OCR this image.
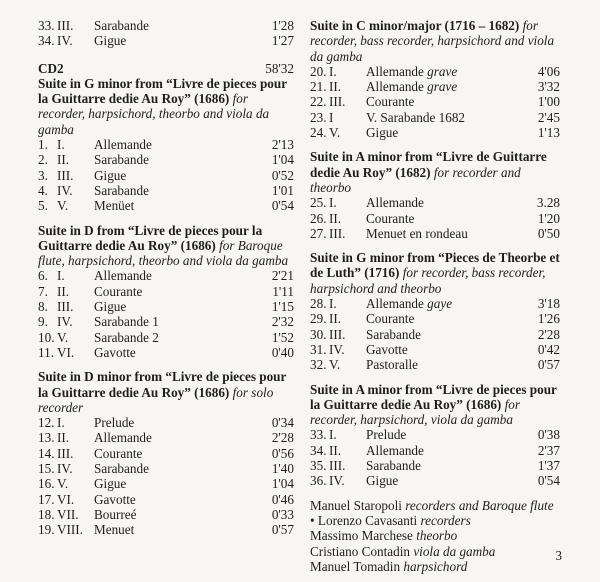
33. III.	Sarabande	1'28
34. IV.	Gigue	1'27
CD2	58'32
Suite in G minor from “Livre de pieces pour la Guittarre dedie Au Roy” (1686) for recorder, harpsichord, theorbo and viola da gamba
1. I.	Allemande	2'13
2. II.	Sarabande	1'04
3. III.	Gigue	0'52
4. IV.	Sarabande	1'01
5. V.	Menüet	0'54
Suite in D from “Livre de pieces pour la Guittarre dedie Au Roy” (1686) for Baroque flute, harpsichord, theorbo and viola da gamba
6. I.	Allemande	2'21
7. II.	Courante	1'11
8. III.	Gigue	1'15
9. IV.	Sarabande 1	2'32
10. V.	Sarabande 2	1'52
11. VI.	Gavotte	0'40
Suite in D minor from “Livre de pieces pour la Guittarre dedie Au Roy” (1686) for solo recorder
12. I.	Prelude	0'34
13. II.	Allemande	2'28
14. III.	Courante	0'56
15. IV.	Sarabande	1'40
16. V.	Gigue	1'04
17. VI.	Gavotte	0'46
18. VII.	Bourreé	0'33
19. VIII. Menuet	0'57
Suite in C minor/major (1716 – 1682) for recorder, bass recorder, harpsichord and viola da gamba
20. I.	Allemande grave	4'06
21. II.	Allemande grave	3'32
22. III.	Courante	1'00
23. I	V. Sarabande 1682	2'45
24. V.	Gigue	1'13
Suite in A minor from “Livre de Guittarre dedie Au Roy” (1682) for recorder and theorbo
25. I.	Allemande	3.28
26. II.	Courante	1'20
27. III.	Menuet en rondeau	0'50
Suite in G minor from “Pieces de Theorbe et de Luth” (1716) for recorder, bass recorder, harpsichord and theorbo
28. I.	Allemande gaye	3'18
29. II.	Courante	1'26
30. III.	Sarabande	2'28
31. IV.	Gavotte	0'42
32. V.	Pastoralle	0'57
Suite in A minor from “Livre de pieces pour la Guittarre dedie Au Roy” (1686) for recorder, harpsichord, viola da gamba
33. I.	Prelude	0'38
34. II.	Allemande	2'37
35. III.	Sarabande	1'37
36. IV.	Gigue	0'54
Manuel Staropoli recorders and Baroque flute • Lorenzo Cavasanti recorders
Massimo Marchese theorbo
Cristiano Contadin viola da gamba
Manuel Tomadin harpsichord
3
